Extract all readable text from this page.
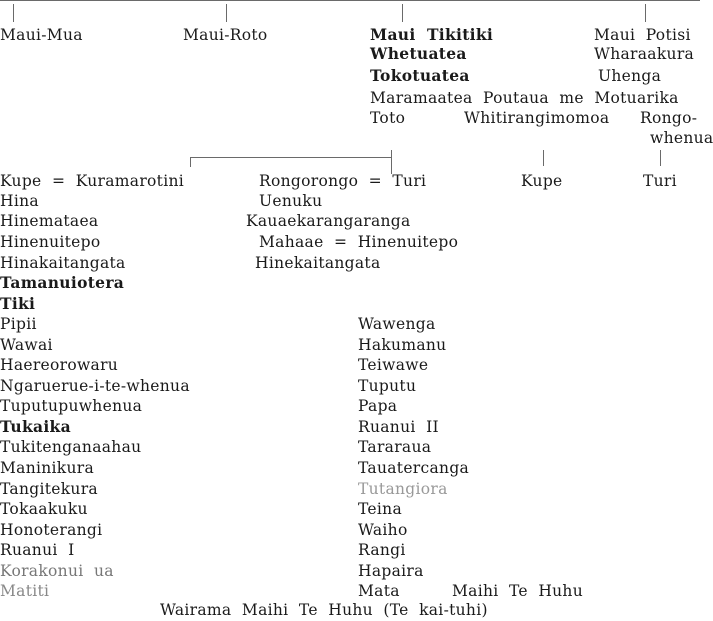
Maui-Mua	Maui-Roto	Maui  Tikitiki	Maui  Potisi
Whetuatea
Tokotuatea
Maramaatea  Poutaua  me  Motuarika
Toto
Wharaakura
Uhenga
Whitirangimomoa Rongo-
whenua
Kupe  =  Kuramarotini	Rongorongo  =  Turi	Kupe	Turi
Hina
Hinemataea
Hinenuitepo
Hinakaitangata
Tamanuiotera
Tiki
Pipii
Wawai
Haereorowaru
Ngaruerue-i-te-whenua
Tuputupuwhenua
Tukaika
Tukitenganaahau
Maninikura
Tangitekura
Tokaakuku
Honoterangi
Ruanui  I
Korakonui  ua
Matiti
Uenuku
Kauaekarangaranga
Mahaae  =  Hinenuitepo
Hinekaitangata
Wawenga
Hakumanu
Teiwawe
Tuputu
Papa
Ruanui  II
Tararaua
Tauatercanga
Tutangiora
Teina
Waiho
Rangi
Hapaira
Mata	Maihi  Te  Huhu
Wairama  Maihi  Te  Huhu  (Te  kai-tuhi)
